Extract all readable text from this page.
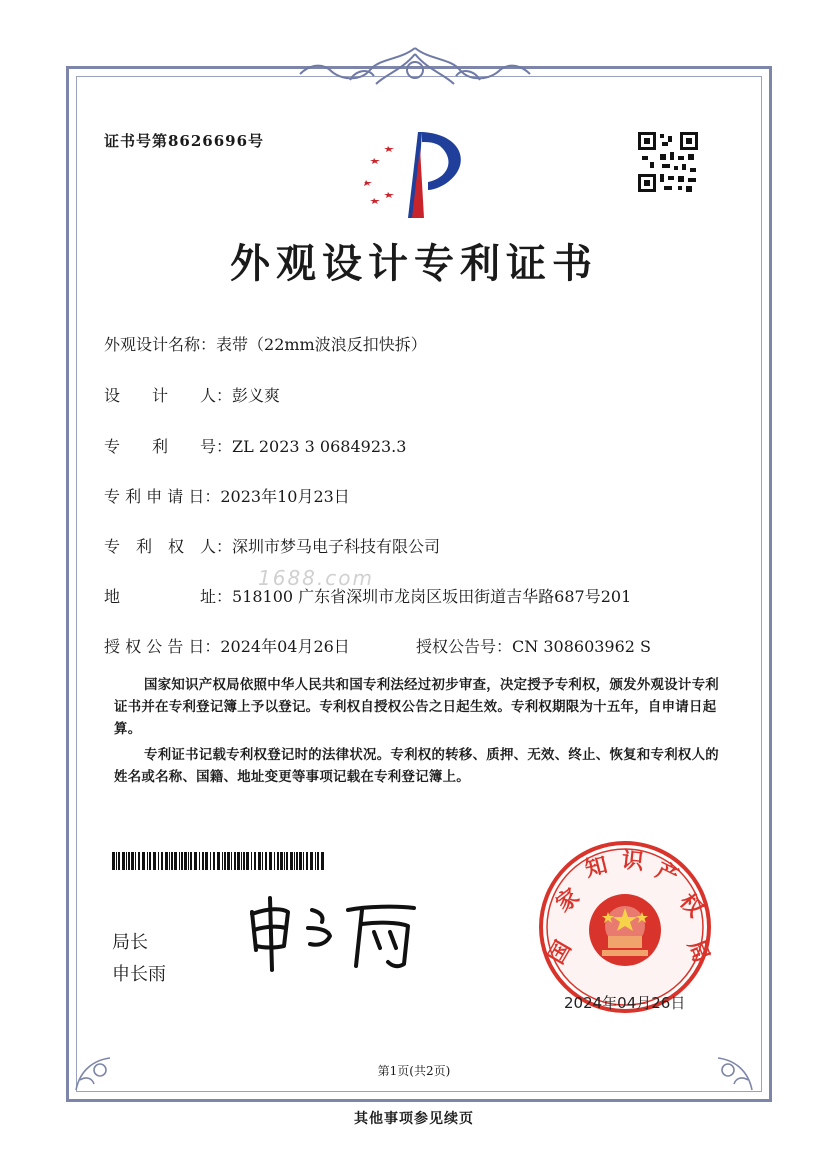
证书号第8626696号
外观设计专利证书
外观设计名称：表带（22mm波浪反扣快拆）
设　　计　　人：彭义爽
专　　利　　号：ZL 2023 3 0684923.3
专 利 申 请 日：2023年10月23日
专　利　权　人：深圳市梦马电子科技有限公司
地　　　　　址：518100 广东省深圳市龙岗区坂田街道吉华路687号201
授 权 公 告 日：2024年04月26日	授权公告号：CN 308603962 S
1688.com
国家知识产权局依照中华人民共和国专利法经过初步审查，决定授予专利权，颁发外观设计专利证书并在专利登记簿上予以登记。专利权自授权公告之日起生效。专利权期限为十五年，自申请日起算。
专利证书记载专利权登记时的法律状况。专利权的转移、质押、无效、终止、恢复和专利权人的姓名或名称、国籍、地址变更等事项记载在专利登记簿上。
局长
申长雨
国
家
知 识 产
权
局
2024年04月26日
第1页(共2页)
其他事项参见续页
